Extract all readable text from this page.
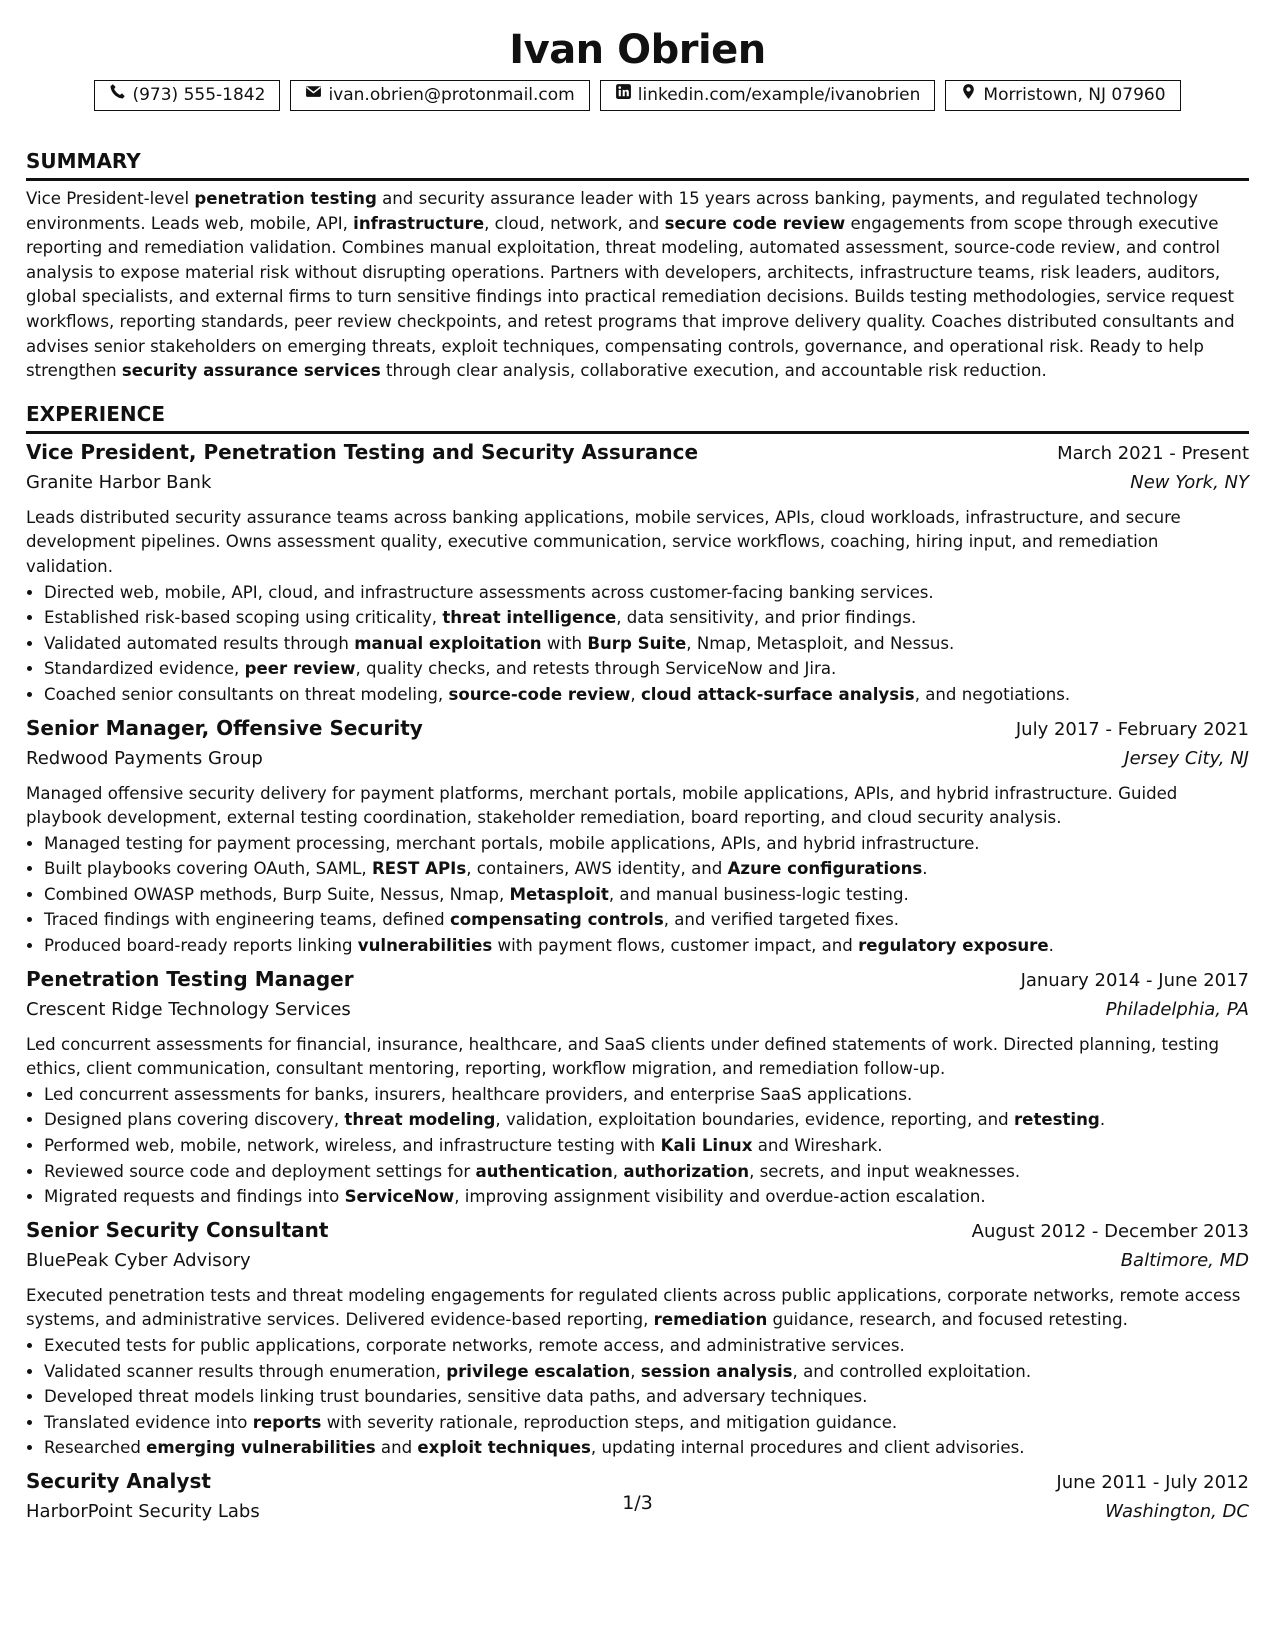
Ivan Obrien
(973) 555-1842	ivan.obrien@protonmail.com	linkedin.com/example/ivanobrien	Morristown, NJ 07960
SUMMARY

Vice President-level penetration testing and security assurance leader with 15 years across banking, payments, and regulated technology environments. Leads web, mobile, API, infrastructure, cloud, network, and secure code review engagements from scope through executive reporting and remediation validation. Combines manual exploitation, threat modeling, automated assessment, source-code review, and control analysis to expose material risk without disrupting operations. Partners with developers, architects, infrastructure teams, risk leaders, auditors, global specialists, and external firms to turn sensitive findings into practical remediation decisions. Builds testing methodologies, service request workflows, reporting standards, peer review checkpoints, and retest programs that improve delivery quality. Coaches distributed consultants and advises senior stakeholders on emerging threats, exploit techniques, compensating controls, governance, and operational risk. Ready to help strengthen security assurance services through clear analysis, collaborative execution, and accountable risk reduction.

EXPERIENCE
Vice President, Penetration Testing and Security Assurance	March 2021 - Present
Granite Harbor Bank	New York, NY

Leads distributed security assurance teams across banking applications, mobile services, APIs, cloud workloads, infrastructure, and secure development pipelines. Owns assessment quality, executive communication, service workflows, coaching, hiring input, and remediation validation.

• Directed web, mobile, API, cloud, and infrastructure assessments across customer-facing banking services.
• Established risk-based scoping using criticality, threat intelligence, data sensitivity, and prior findings.
• Validated automated results through manual exploitation with Burp Suite, Nmap, Metasploit, and Nessus.
• Standardized evidence, peer review, quality checks, and retests through ServiceNow and Jira.
• Coached senior consultants on threat modeling, source-code review, cloud attack-surface analysis, and negotiations.
Senior Manager, Offensive Security	July 2017 - February 2021
Redwood Payments Group	Jersey City, NJ

Managed offensive security delivery for payment platforms, merchant portals, mobile applications, APIs, and hybrid infrastructure. Guided playbook development, external testing coordination, stakeholder remediation, board reporting, and cloud security analysis.

• Managed testing for payment processing, merchant portals, mobile applications, APIs, and hybrid infrastructure.
• Built playbooks covering OAuth, SAML, REST APIs, containers, AWS identity, and Azure configurations.
• Combined OWASP methods, Burp Suite, Nessus, Nmap, Metasploit, and manual business-logic testing.
• Traced findings with engineering teams, defined compensating controls, and verified targeted fixes.
• Produced board-ready reports linking vulnerabilities with payment flows, customer impact, and regulatory exposure.
Penetration Testing Manager	January 2014 - June 2017
Crescent Ridge Technology Services	Philadelphia, PA

Led concurrent assessments for financial, insurance, healthcare, and SaaS clients under defined statements of work. Directed planning, testing ethics, client communication, consultant mentoring, reporting, workflow migration, and remediation follow-up.

• Led concurrent assessments for banks, insurers, healthcare providers, and enterprise SaaS applications.
• Designed plans covering discovery, threat modeling, validation, exploitation boundaries, evidence, reporting, and retesting.
• Performed web, mobile, network, wireless, and infrastructure testing with Kali Linux and Wireshark.
• Reviewed source code and deployment settings for authentication, authorization, secrets, and input weaknesses.
• Migrated requests and findings into ServiceNow, improving assignment visibility and overdue-action escalation.
Senior Security Consultant	August 2012 - December 2013
BluePeak Cyber Advisory	Baltimore, MD

Executed penetration tests and threat modeling engagements for regulated clients across public applications, corporate networks, remote access systems, and administrative services. Delivered evidence-based reporting, remediation guidance, research, and focused retesting.

• Executed tests for public applications, corporate networks, remote access, and administrative services.
• Validated scanner results through enumeration, privilege escalation, session analysis, and controlled exploitation.
• Developed threat models linking trust boundaries, sensitive data paths, and adversary techniques.
• Translated evidence into reports with severity rationale, reproduction steps, and mitigation guidance.
• Researched emerging vulnerabilities and exploit techniques, updating internal procedures and client advisories.
Security Analyst	June 2011 - July 2012
HarborPoint Security Labs	Washington, DC
1/3
